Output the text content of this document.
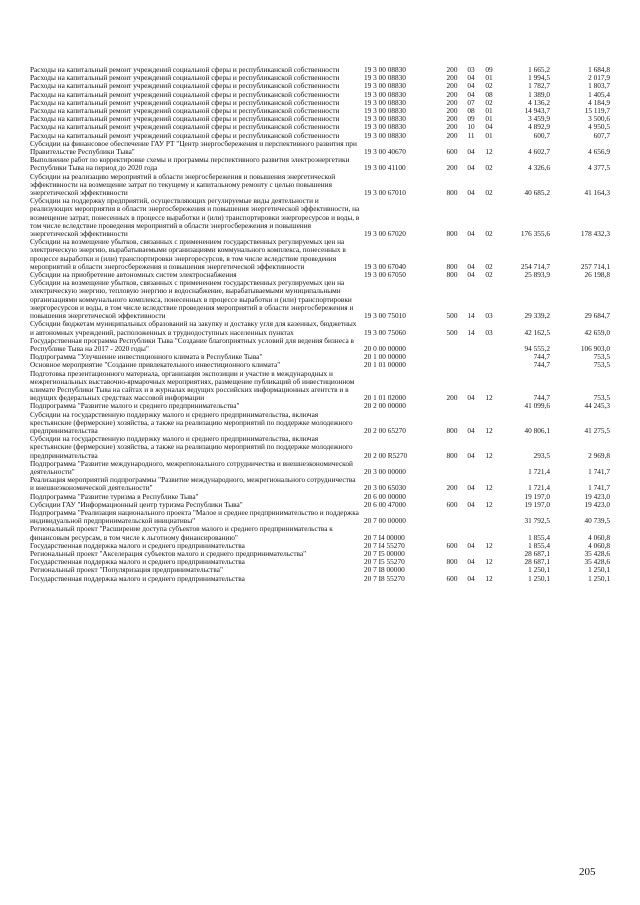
Расходы на капитальный ремонт учреждений социальной сферы и республиканской собственности	19 3 00 08830	200	03	09	1 665,2	1 684,8
Расходы на капитальный ремонт учреждений социальной сферы и республиканской собственности	19 3 00 08830	200	04	01	1 994,5	2 017,9
Расходы на капитальный ремонт учреждений социальной сферы и республиканской собственности	19 3 00 08830	200	04	02	1 782,7	1 803,7
Расходы на капитальный ремонт учреждений социальной сферы и республиканской собственности	19 3 00 08830	200	04	08	1 389,0	1 405,4
Расходы на капитальный ремонт учреждений социальной сферы и республиканской собственности	19 3 00 08830	200	07	02	4 136,2	4 184,9
Расходы на капитальный ремонт учреждений социальной сферы и республиканской собственности	19 3 00 08830	200	08	01	14 943,7	15 119,7
Расходы на капитальный ремонт учреждений социальной сферы и республиканской собственности	19 3 00 08830	200	09	01	3 459,9	3 500,6
Расходы на капитальный ремонт учреждений социальной сферы и республиканской собственности	19 3 00 08830	200	10	04	4 892,9	4 950,5
Расходы на капитальный ремонт учреждений социальной сферы и республиканской собственности	19 3 00 08830	200	11	01	600,7	607,7
Субсидии на финансовое обеспечение ГАУ РТ "Центр энергосбережения и перспективного развития при Правительстве Республики Тыва"	19 3 00 40670	600	04	12	4 602,7	4 656,9
Выполнение работ по корректировке схемы и программы перспективного развития электроэнергетики Республики Тыва на период до 2020 года	19 3 00 41100	200	04	02	4 326,6	4 377,5
Субсидии на реализацию мероприятий в области энергосбережения и повышения энергетической эффективности на возмещение затрат по текущему и капитальному ремонту с целью повышения энергетической эффективности	19 3 00 67010	800	04	02	40 685,2	41 164,3
Субсидии на поддержку предприятий, осуществляющих регулируемые виды деятельности и реализующих мероприятия в области энергосбережения и повышения энергетической эффективности, на возмещение затрат, понесенных в процессе выработки и (или) транспортировки энергоресурсов и воды, в том числе вследствие проведения мероприятий в области энергосбережения и повышения энергетической эффективности	19 3 00 67020	800	04	02	176 355,6	178 432,3
Субсидии на возмещение убытков, связанных с применением государственных регулируемых цен на электрическую энергию, вырабатываемыми организациями коммунального комплекса, понесенных в процессе выработки и (или) транспортировки энергоресурсов, в том числе вследствие проведения мероприятий в области энергосбережения и повышения энергетической эффективности	19 3 00 67040	800	04	02	254 714,7	257 714,1
Субсидии на приобретение автономных систем электроснабжения	19 3 00 67050	800	04	02	25 893,9	26 198,8
Субсидии на возмещение убытков, связанных с применением государственных регулируемых цен на электрическую энергию, тепловую энергию и водоснабжение, вырабатываемыми муниципальными организациями коммунального комплекса, понесенных в процессе выработки и (или) транспортировки энергоресурсов и воды, в том числе вследствие проведения мероприятий в области энергосбережения и повышения энергетической эффективности	19 3 00 75010	500	14	03	29 339,2	29 684,7
Субсидии бюджетам муниципальных образований на закупку и доставку угля для казенных, бюджетных и автономных учреждений, расположенных в труднодоступных населенных пунктах	19 3 00 75060	500	14	03	42 162,5	42 659,0
Государственная программа Республики Тыва "Создание благоприятных условий для ведения бизнеса в Республике Тыва на 2017 - 2020 годы"	20 0 00 00000				94 555,2	106 903,0
Подпрограмма "Улучшение инвестиционного климата в Республике Тыва"	20 1 00 00000				744,7	753,5
Основное мероприятие "Создание привлекательного инвестиционного климата"	20 1 01 00000				744,7	753,5
Подготовка презентационного материала, организация экспозиции и участие в международных и межрегиональных выставочно-ярмарочных мероприятиях, размещение публикаций об инвестиционном климате Республики Тыва на сайтах и в журналах ведущих российских информационных агентств и в ведущих федеральных средствах массовой информации	20 1 01 02000	200	04	12	744,7	753,5
Подпрограмма "Развитие малого и среднего предпринимательства"	20 2 00 00000				41 099,6	44 245,3
Субсидии на государственную поддержку малого и среднего предпринимательства, включая крестьянские (фермерские) хозяйства, а также на реализацию мероприятий по поддержке молодежного предпринимательства	20 2 00 65270	800	04	12	40 806,1	41 275,5
Субсидии на государственную поддержку малого и среднего предпринимательства, включая крестьянские (фермерские) хозяйства, а также на реализацию мероприятий по поддержке молодежного предпринимательства	20 2 00 R5270	800	04	12	293,5	2 969,8
Подпрограмма "Развитие международного, межрегионального сотрудничества и внешнеэкономической деятельности"	20 3 00 00000				1 721,4	1 741,7
Реализация мероприятий подпрограммы "Развитие международного, межрегионального сотрудничества и внешнеэкономической деятельности"	20 3 00 65030	200	04	12	1 721,4	1 741,7
Подпрограмма "Развитие туризма в Республике Тыва"	20 6 00 00000				19 197,0	19 423,0
Субсидии ГАУ "Информационный центр туризма Республики Тыва"	20 6 00 47000	600	04	12	19 197,0	19 423,0
Подпрограмма "Реализация национального проекта "Малое и среднее предпринимательство и поддержка индивидуальной предпринимательской инициативы"	20 7 00 00000				31 792,5	40 739,5
Региональный проект "Расширение доступа субъектов малого и среднего предпринимательства к финансовым ресурсам, в том числе к льготному финансированию"	20 7 I4 00000				1 855,4	4 060,8
Государственная поддержка малого и среднего предпринимательства	20 7 I4 55270	600	04	12	1 855,4	4 060,8
Региональный проект "Акселерация субъектов малого и среднего предпринимательства"	20 7 I5 00000				28 687,1	35 428,6
Государственная поддержка малого и среднего предпринимательства	20 7 I5 55270	800	04	12	28 687,1	35 428,6
Региональный проект "Популяризация предпринимательства"	20 7 I8 00000				1 250,1	1 250,1
Государственная поддержка малого и среднего предпринимательства	20 7 I8 55270	600	04	12	1 250,1	1 250,1
205
